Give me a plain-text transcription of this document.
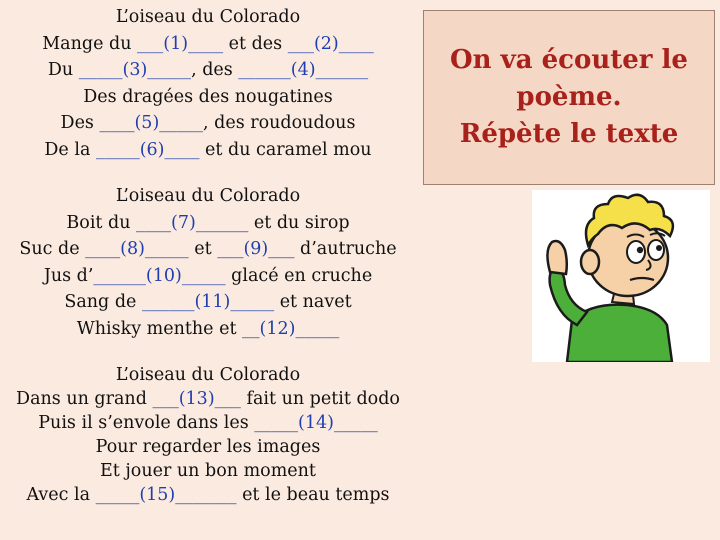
L’oiseau du Colorado
Mange du ___(1)____ et des ___(2)____
Du _____(3)_____, des ______(4)______
Des dragées des nougatines
Des ____(5)_____, des roudoudous
De la _____(6)____ et du caramel mou
L’oiseau du Colorado
Boit du ____(7)______ et du sirop
Suc de ____(8)_____ et ___(9)___ d’autruche
Jus d’______(10)_____ glacé en cruche
Sang de ______(11)_____ et navet
Whisky menthe et __(12)_____
L’oiseau du Colorado
Dans un grand ___(13)___ fait un petit dodo
Puis il s’envole dans les _____(14)_____
Pour regarder les images
Et jouer un bon moment
Avec la _____(15)_______ et le beau temps
On va écouter le
poème.
Répète le texte
